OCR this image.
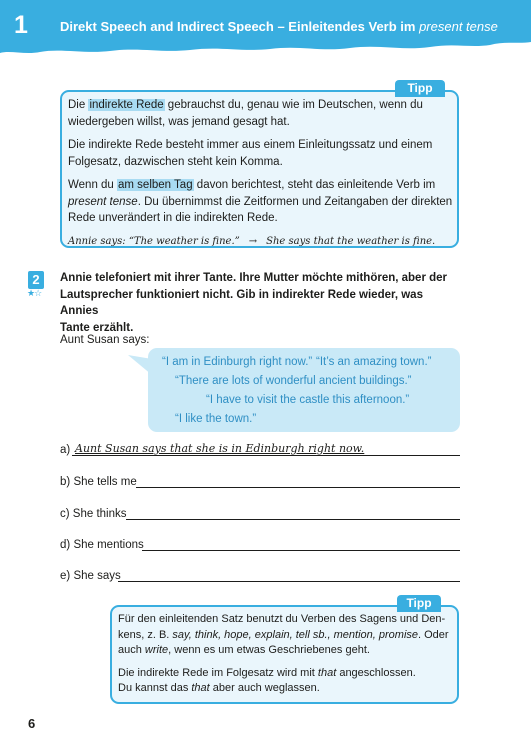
1 Direkt Speech and Indirect Speech – Einleitendes Verb im present tense
Tipp

Die indirekte Rede gebrauchst du, genau wie im Deutschen, wenn du
wiedergeben willst, was jemand gesagt hat.

Die indirekte Rede besteht immer aus einem Einleitungssatz und einem
Folgesatz, dazwischen steht kein Komma.

Wenn du am selben Tag davon berichtest, steht das einleitende Verb im
present tense. Du übernimmst die Zeitformen und Zeitangaben der direkten
Rede unverändert in die indirekten Rede.

Annie says: “The weather is fine.” → She says that the weather is fine.
2
★☆
Annie telefoniert mit ihrer Tante. Ihre Mutter möchte mithören, aber der
Lautsprecher funktioniert nicht. Gib in indirekter Rede wieder, was Annies
Tante erzählt.
Aunt Susan says:
“I am in Edinburgh right now.” “It’s an amazing town.”
“There are lots of wonderful ancient buildings.”
“I have to visit the castle this afternoon.”
“I like the town.”
a) Aunt Susan says that she is in Edinburgh right now.
b) She tells me
c) She thinks
d) She mentions
e) She says
Tipp

Für den einleitenden Satz benutzt du Verben des Sagens und Den-
kens, z. B. say, think, hope, explain, tell sb., mention, promise. Oder
auch write, wenn es um etwas Geschriebenes geht.

Die indirekte Rede im Folgesatz wird mit that angeschlossen.
Du kannst das that aber auch weglassen.

6
